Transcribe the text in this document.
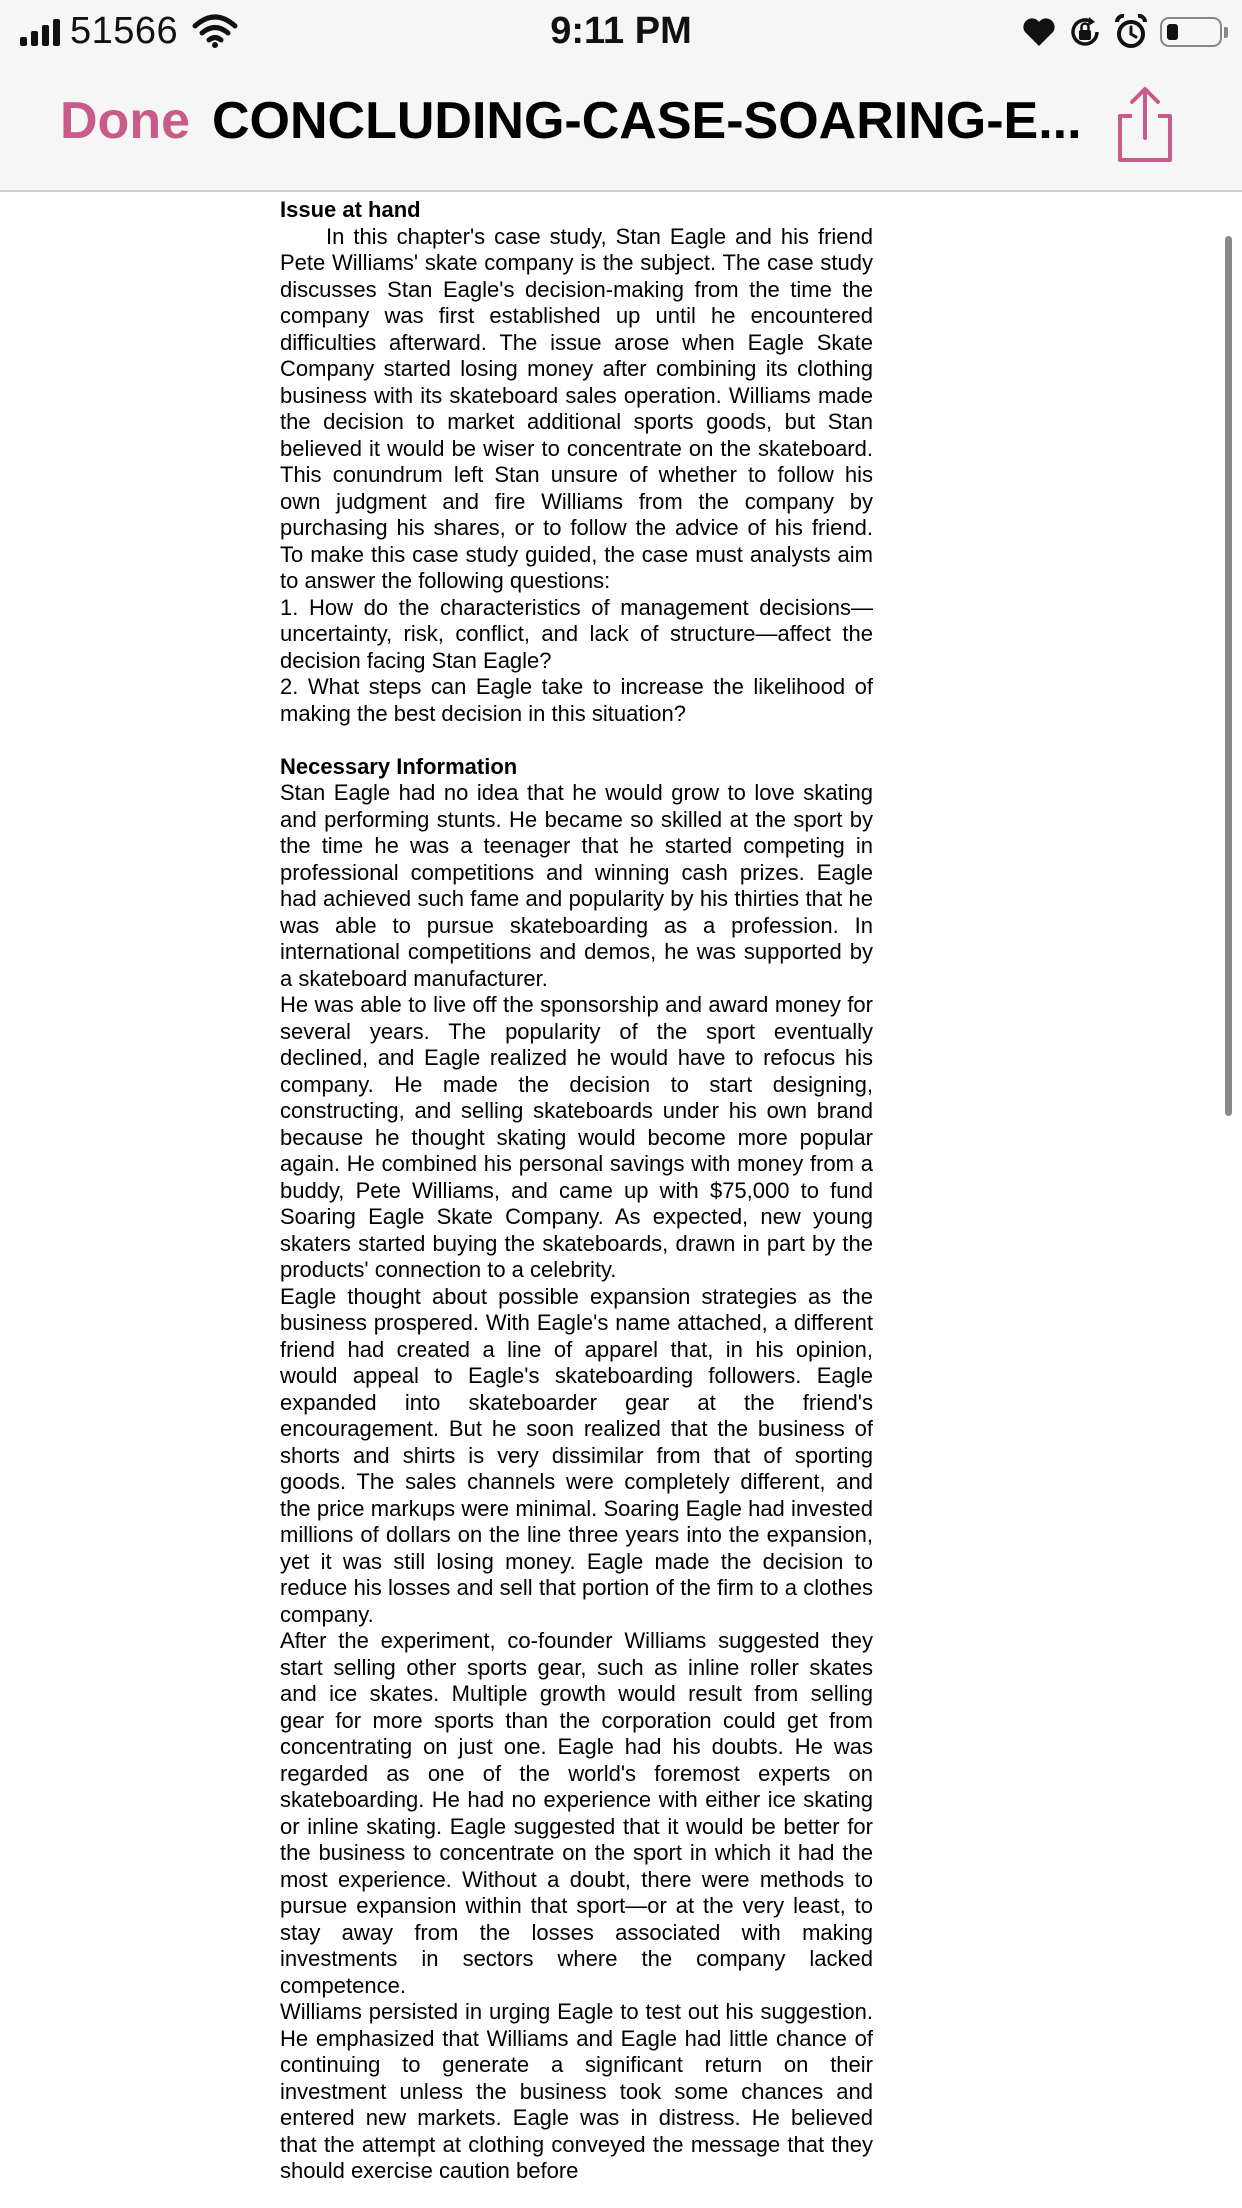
51566	9:11 PM
Done CONCLUDING-CASE-SOARING-E...
Issue at hand

In this chapter's case study, Stan Eagle and his friend Pete Williams' skate company is the subject. The case study discusses Stan Eagle's decision-making from the time the company was first established up until he encountered difficulties afterward. The issue arose when Eagle Skate Company started losing money after combining its clothing business with its skateboard sales operation. Williams made the decision to market additional sports goods, but Stan believed it would be wiser to concentrate on the skateboard. This conundrum left Stan unsure of whether to follow his own judgment and fire Williams from the company by purchasing his shares, or to follow the advice of his friend. To make this case study guided, the case must analysts aim to answer the following questions:

1. How do the characteristics of management decisions—uncertainty, risk, conflict, and lack of structure—affect the decision facing Stan Eagle?

2. What steps can Eagle take to increase the likelihood of making the best decision in this situation?

Necessary Information

Stan Eagle had no idea that he would grow to love skating and performing stunts. He became so skilled at the sport by the time he was a teenager that he started competing in professional competitions and winning cash prizes. Eagle had achieved such fame and popularity by his thirties that he was able to pursue skateboarding as a profession. In international competitions and demos, he was supported by a skateboard manufacturer.

He was able to live off the sponsorship and award money for several years. The popularity of the sport eventually declined, and Eagle realized he would have to refocus his company. He made the decision to start designing, constructing, and selling skateboards under his own brand because he thought skating would become more popular again. He combined his personal savings with money from a buddy, Pete Williams, and came up with $75,000 to fund Soaring Eagle Skate Company. As expected, new young skaters started buying the skateboards, drawn in part by the products' connection to a celebrity.

Eagle thought about possible expansion strategies as the business prospered. With Eagle's name attached, a different friend had created a line of apparel that, in his opinion, would appeal to Eagle's skateboarding followers. Eagle expanded into skateboarder gear at the friend's encouragement. But he soon realized that the business of shorts and shirts is very dissimilar from that of sporting goods. The sales channels were completely different, and the price markups were minimal. Soaring Eagle had invested millions of dollars on the line three years into the expansion, yet it was still losing money. Eagle made the decision to reduce his losses and sell that portion of the firm to a clothes company.

After the experiment, co-founder Williams suggested they start selling other sports gear, such as inline roller skates and ice skates. Multiple growth would result from selling gear for more sports than the corporation could get from concentrating on just one. Eagle had his doubts. He was regarded as one of the world's foremost experts on skateboarding. He had no experience with either ice skating or inline skating. Eagle suggested that it would be better for the business to concentrate on the sport in which it had the most experience. Without a doubt, there were methods to pursue expansion within that sport—or at the very least, to stay away from the losses associated with making investments in sectors where the company lacked competence.

Williams persisted in urging Eagle to test out his suggestion. He emphasized that Williams and Eagle had little chance of continuing to generate a significant return on their investment unless the business took some chances and entered new markets. Eagle was in distress. He believed that the attempt at clothing conveyed the message that they should exercise caution before
